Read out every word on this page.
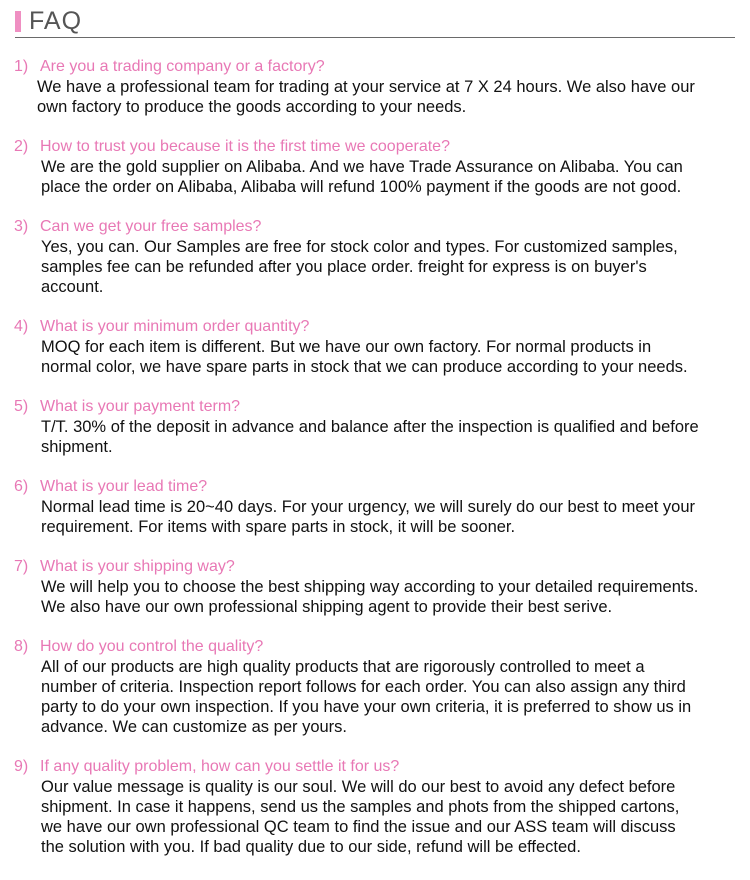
FAQ
1) Are you a trading company or a factory?
We have a professional team for trading at your service at 7 X 24 hours. We also have our
own factory to produce the goods according to your needs.
2) How to trust you because it is the first time we cooperate?
We are the gold supplier on Alibaba. And we have Trade Assurance on Alibaba. You can
place the order on Alibaba, Alibaba will refund 100% payment if the goods are not good.
3) Can we get your free samples?
Yes, you can. Our Samples are free for stock color and types. For customized samples,
samples fee can be refunded after you place order. freight for express is on buyer's
account.
4) What is your minimum order quantity?
MOQ for each item is different. But we have our own factory. For normal products in
normal color, we have spare parts in stock that we can produce according to your needs.
5) What is your payment term?
T/T. 30% of the deposit in advance and balance after the inspection is qualified and before
shipment.
6) What is your lead time?
Normal lead time is 20~40 days. For your urgency, we will surely do our best to meet your
requirement. For items with spare parts in stock, it will be sooner.
7) What is your shipping way?
We will help you to choose the best shipping way according to your detailed requirements.
We also have our own professional shipping agent to provide their best serive.
8) How do you control the quality?
All of our products are high quality products that are rigorously controlled to meet a
number of criteria. Inspection report follows for each order. You can also assign any third
party to do your own inspection. If you have your own criteria, it is preferred to show us in
advance. We can customize as per yours.
9) If any quality problem, how can you settle it for us?
Our value message is quality is our soul. We will do our best to avoid any defect before
shipment. In case it happens, send us the samples and phots from the shipped cartons,
we have our own professional QC team to find the issue and our ASS team will discuss
the solution with you. If bad quality due to our side, refund will be effected.
